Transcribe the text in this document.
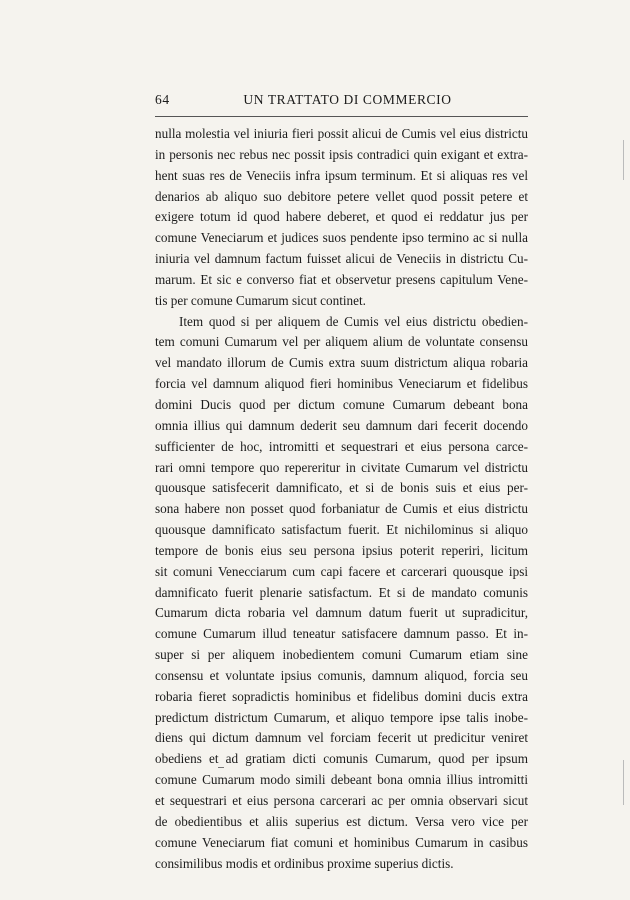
64	UN TRATTATO DI COMMERCIO
nulla molestia vel iniuria fieri possit alicui de Cumis vel eius districtu
in personis nec rebus nec possit ipsis contradici quin exigant et extra-
hent suas res de Veneciis infra ipsum terminum. Et si aliquas res vel
denarios ab aliquo suo debitore petere vellet quod possit petere et
exigere totum id quod habere deberet, et quod ei reddatur jus per
comune Veneciarum et judices suos pendente ipso termino ac si nulla
iniuria vel damnum factum fuisset alicui de Veneciis in districtu Cu-
marum. Et sic e converso fiat et observetur presens capitulum Vene-
tis per comune Cumarum sicut continet.
Item quod si per aliquem de Cumis vel eius districtu obedien-
tem comuni Cumarum vel per aliquem alium de voluntate consensu
vel mandato illorum de Cumis extra suum districtum aliqua robaria
forcia vel damnum aliquod fieri hominibus Veneciarum et fidelibus
domini Ducis quod per dictum comune Cumarum debeant bona
omnia illius qui damnum dederit seu damnum dari fecerit docendo
sufficienter de hoc, intromitti et sequestrari et eius persona carce-
rari omni tempore quo repereritur in civitate Cumarum vel districtu
quousque satisfecerit damnificato, et si de bonis suis et eius per-
sona habere non posset quod forbaniatur de Cumis et eius districtu
quousque damnificato satisfactum fuerit. Et nichilominus si aliquo
tempore de bonis eius seu persona ipsius poterit reperiri, licitum
sit comuni Venecciarum cum capi facere et carcerari quousque ipsi
damnificato fuerit plenarie satisfactum. Et si de mandato comunis
Cumarum dicta robaria vel damnum datum fuerit ut supradicitur,
comune Cumarum illud teneatur satisfacere damnum passo. Et in-
super si per aliquem inobedientem comuni Cumarum etiam sine
consensu et voluntate ipsius comunis, damnum aliquod, forcia seu
robaria fieret sopradictis hominibus et fidelibus domini ducis extra
predictum districtum Cumarum, et aliquo tempore ipse talis inobe-
diens qui dictum damnum vel forciam fecerit ut predicitur veniret
obediens et ad gratiam dicti comunis Cumarum, quod per ipsum
comune Cumarum modo simili debeant bona omnia illius intromitti
et sequestrari et eius persona carcerari ac per omnia observari sicut
de obedientibus et aliis superius est dictum. Versa vero vice per
comune Veneciarum fiat comuni et hominibus Cumarum in casibus
consimilibus modis et ordinibus proxime superius dictis.
